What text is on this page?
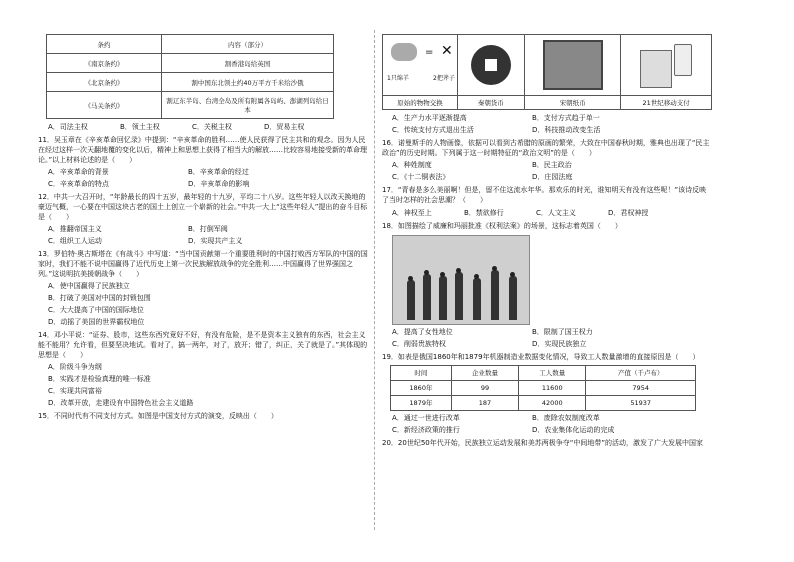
条约	内容（部分）
《南京条约》	割香港岛给英国
《北京条约》	割中国东北领土约40万平方千米给沙俄
《马关条约》	割辽东半岛、台湾全岛及所有附属各岛屿、澎湖列岛给日本
A．司法主权	B．领土主权	C．关税主权	D．贸易主权
11．吴玉章在《辛亥革命回忆录》中提到：“辛亥革命的胜利……使人民获得了民主共和的观念。因为人民在经过这样一次天翻地覆的变化以后，精神上和思想上获得了相当大的解放……比较容易地接受新的革命理论。”以上材料论述的是（　　）
A．辛亥革命的背景	B．辛亥革命的经过
C．辛亥革命的特点	D．辛亥革命的影响
12．中共一大召开时，“年龄最长的四十五岁，最年轻的十九岁，平均二十八岁。这些年轻人以改天换地的豪迈气概，一心要在中国这块古老的国土上创立一个崭新的社会。”中共一大上“这些年轻人”提出的奋斗目标是（　　）
A．推翻帝国主义	B．打倒军阀
C．组织工人运动	D．实现共产主义
13．罗伯特·奥古斯塔在《有战斗》中写道：“当中国贡献第一个重要胜利时的中国打败西方军队的中国的国家时，我们不能不说中国赢得了近代历史上第一次民族解放战争的完全胜利……中国赢得了世界强国之列。”这说明抗美援朝战争（　　）
A．使中国赢得了民族独立
B．打破了美国对中国的封锁包围
C．大大提高了中国的国际地位
D．动摇了美国的世界霸权地位
14．邓小平说：“证券、股市，这些东西究竟好不好，有没有危险，是不是资本主义独有的东西，社会主义能不能用？允许看，但要坚决地试。看对了，搞一两年，对了，放开；错了，纠正，关了就是了。”其体现的思想是（　　）
A．阶级斗争为纲
B．实践才是检验真理的唯一标准
C．实现共同富裕
D．改革开放，走建设有中国特色社会主义道路
15．不同时代有不同支付方式。如图是中国支付方式的演变，反映出（　　）
= ✕
1只绵羊 2把斧子			

原始的物物交换	秦朝货币	宋朝纸币	21世纪移动支付
A．生产力水平逐渐提高	B．支付方式趋于单一
C．传统支付方式退出生活	D．科技推动改变生活
16．诺曼斯手的人物画像，依据可以看到古希腊的原画的繁荣，大致在中国春秋时期，雅典也出现了“民主政治”的历史时期。下列属于这一时期特征的“政治文明”的是（　　）
A．种姓制度	B．民主政治
C．《十二铜表法》	D．庄园法庭
17．“青春是多么美丽啊！但是，留不住这流水年华。那欢乐的时光，谁知明天有没有这些呢！”该诗反映了当时怎样的社会思潮？（　　）
A．神权至上	B．禁欲修行	C．人文主义	D．君权神授
18．如图描绘了威廉和玛丽批准《权利法案》的场景，这标志着英国（　　）
A．提高了女性地位	B．限制了国王权力
C．削弱贵族特权	D．实现民族独立
19．如表是俄国1860年和1879年机器制造业数据变化情况，导致工人数量激增的直接原因是（　　）
时间	企业数量	工人数量	产值（千卢布）
1860年	99	11600	7954
1879年	187	42000	51937
A．通过一世进行改革	B．废除农奴制度改革
C．新经济政策的推行	D．农业集体化运动的完成
20．20世纪50年代开始，民族独立运动发展和美苏两极争夺“中间地带”的活动，激发了广大发展中国家
